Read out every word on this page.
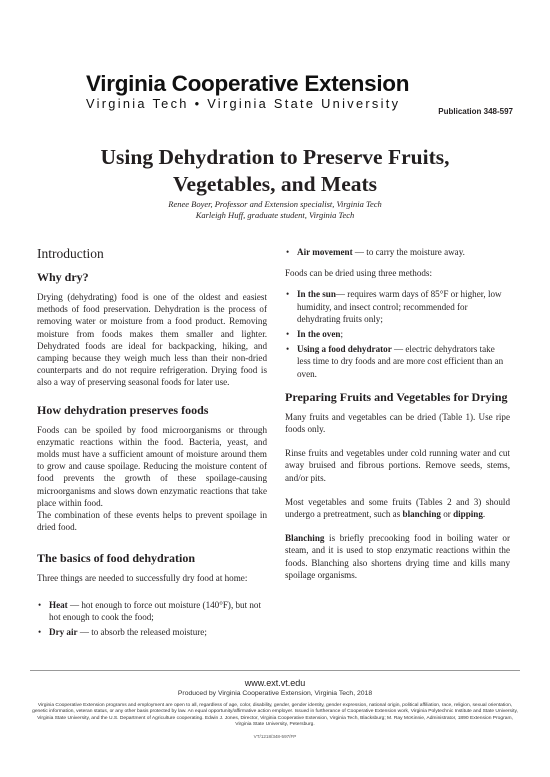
Virginia Cooperative Extension
Virginia Tech • Virginia State University
Publication 348-597
Using Dehydration to Preserve Fruits,
Vegetables, and Meats
Renee Boyer, Professor and Extension specialist, Virginia Tech
Karleigh Huff, graduate student, Virginia Tech
Introduction
Why dry?

Drying (dehydrating) food is one of the oldest and easiest methods of food preservation. Dehydration is the process of removing water or moisture from a food product. Removing moisture from foods makes them smaller and lighter. Dehydrated foods are ideal for backpacking, hiking, and camping because they weigh much less than their non-dried counterparts and do not require refrigeration. Drying food is also a way of preserving seasonal foods for later use.

How dehydration preserves foods

Foods can be spoiled by food microorganisms or through enzymatic reactions within the food. Bacteria, yeast, and molds must have a sufficient amount of moisture around them to grow and cause spoilage. Reducing the moisture content of food prevents the growth of these spoilage-causing microorganisms and slows down enzymatic reactions that take place within food.

The combination of these events helps to prevent spoilage in dried food.

The basics of food dehydration

Three things are needed to successfully dry food at home:

• Heat — hot enough to force out moisture (140°F), but not hot enough to cook the food;
• Dry air — to absorb the released moisture;
• Air movement — to carry the moisture away.

Foods can be dried using three methods:

• In the sun— requires warm days of 85°F or higher, low humidity, and insect control; recommended for dehydrating fruits only;
• In the oven;
• Using a food dehydrator — electric dehydrators take less time to dry foods and are more cost efficient than an oven.
Preparing Fruits and Vegetables for Drying

Many fruits and vegetables can be dried (Table 1). Use ripe foods only.

Rinse fruits and vegetables under cold running water and cut away bruised and fibrous portions. Remove seeds, stems, and/or pits.

Most vegetables and some fruits (Tables 2 and 3) should undergo a pretreatment, such as blanching or dipping.

Blanching is briefly precooking food in boiling water or steam, and it is used to stop enzymatic reactions within the foods. Blanching also shortens drying time and kills many spoilage organisms.

www.ext.vt.edu
Produced by Virginia Cooperative Extension, Virginia Tech, 2018
Virginia Cooperative Extension programs and employment are open to all, regardless of age, color, disability, gender, gender identity, gender expression, national origin, political affiliation, race, religion, sexual orientation, genetic information, veteran status, or any other basis protected by law. An equal opportunity/affirmative action employer. Issued in furtherance of Cooperative Extension work, Virginia Polytechnic Institute and State University, Virginia State University, and the U.S. Department of Agriculture cooperating. Edwin J. Jones, Director, Virginia Cooperative Extension, Virginia Tech, Blacksburg; M. Ray McKinnie, Administrator, 1890 Extension Program, Virginia State University, Petersburg.
VT/1218/348-597/FP
